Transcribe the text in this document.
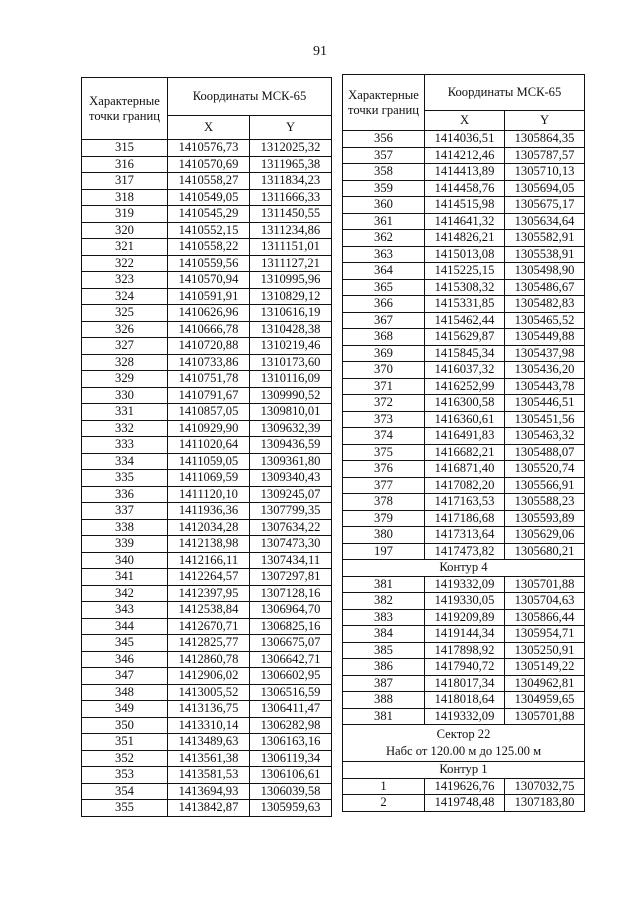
91
Характерные точки границ	Координаты МСК-65	
	X	Y
315	1410576,73	1312025,32
316	1410570,69	1311965,38
317	1410558,27	1311834,23
318	1410549,05	1311666,33
319	1410545,29	1311450,55
320	1410552,15	1311234,86
321	1410558,22	1311151,01
322	1410559,56	1311127,21
323	1410570,94	1310995,96
324	1410591,91	1310829,12
325	1410626,96	1310616,19
326	1410666,78	1310428,38
327	1410720,88	1310219,46
328	1410733,86	1310173,60
329	1410751,78	1310116,09
330	1410791,67	1309990,52
331	1410857,05	1309810,01
332	1410929,90	1309632,39
333	1411020,64	1309436,59
334	1411059,05	1309361,80
335	1411069,59	1309340,43
336	1411120,10	1309245,07
337	1411936,36	1307799,35
338	1412034,28	1307634,22
339	1412138,98	1307473,30
340	1412166,11	1307434,11
341	1412264,57	1307297,81
342	1412397,95	1307128,16
343	1412538,84	1306964,70
344	1412670,71	1306825,16
345	1412825,77	1306675,07
346	1412860,78	1306642,71
347	1412906,02	1306602,95
348	1413005,52	1306516,59
349	1413136,75	1306411,47
350	1413310,14	1306282,98
351	1413489,63	1306163,16
352	1413561,38	1306119,34
353	1413581,53	1306106,61
354	1413694,93	1306039,58
355	1413842,87	1305959,63
Характерные точки границ	Координаты МСК-65	
	X	Y
356	1414036,51	1305864,35
357	1414212,46	1305787,57
358	1414413,89	1305710,13
359	1414458,76	1305694,05
360	1414515,98	1305675,17
361	1414641,32	1305634,64
362	1414826,21	1305582,91
363	1415013,08	1305538,91
364	1415225,15	1305498,90
365	1415308,32	1305486,67
366	1415331,85	1305482,83
367	1415462,44	1305465,52
368	1415629,87	1305449,88
369	1415845,34	1305437,98
370	1416037,32	1305436,20
371	1416252,99	1305443,78
372	1416300,58	1305446,51
373	1416360,61	1305451,56
374	1416491,83	1305463,32
375	1416682,21	1305488,07
376	1416871,40	1305520,74
377	1417082,20	1305566,91
378	1417163,53	1305588,23
379	1417186,68	1305593,89
380	1417313,64	1305629,06
197	1417473,82	1305680,21
Контур 4		
381	1419332,09	1305701,88
382	1419330,05	1305704,63
383	1419209,89	1305866,44
384	1419144,34	1305954,71
385	1417898,92	1305250,91
386	1417940,72	1305149,22
387	1418017,34	1304962,81
388	1418018,64	1304959,65
381	1419332,09	1305701,88

Сектор 22
Набс от 120.00 м до 125.00 м		

Контур 1		
1	1419626,76	1307032,75
2	1419748,48	1307183,80
